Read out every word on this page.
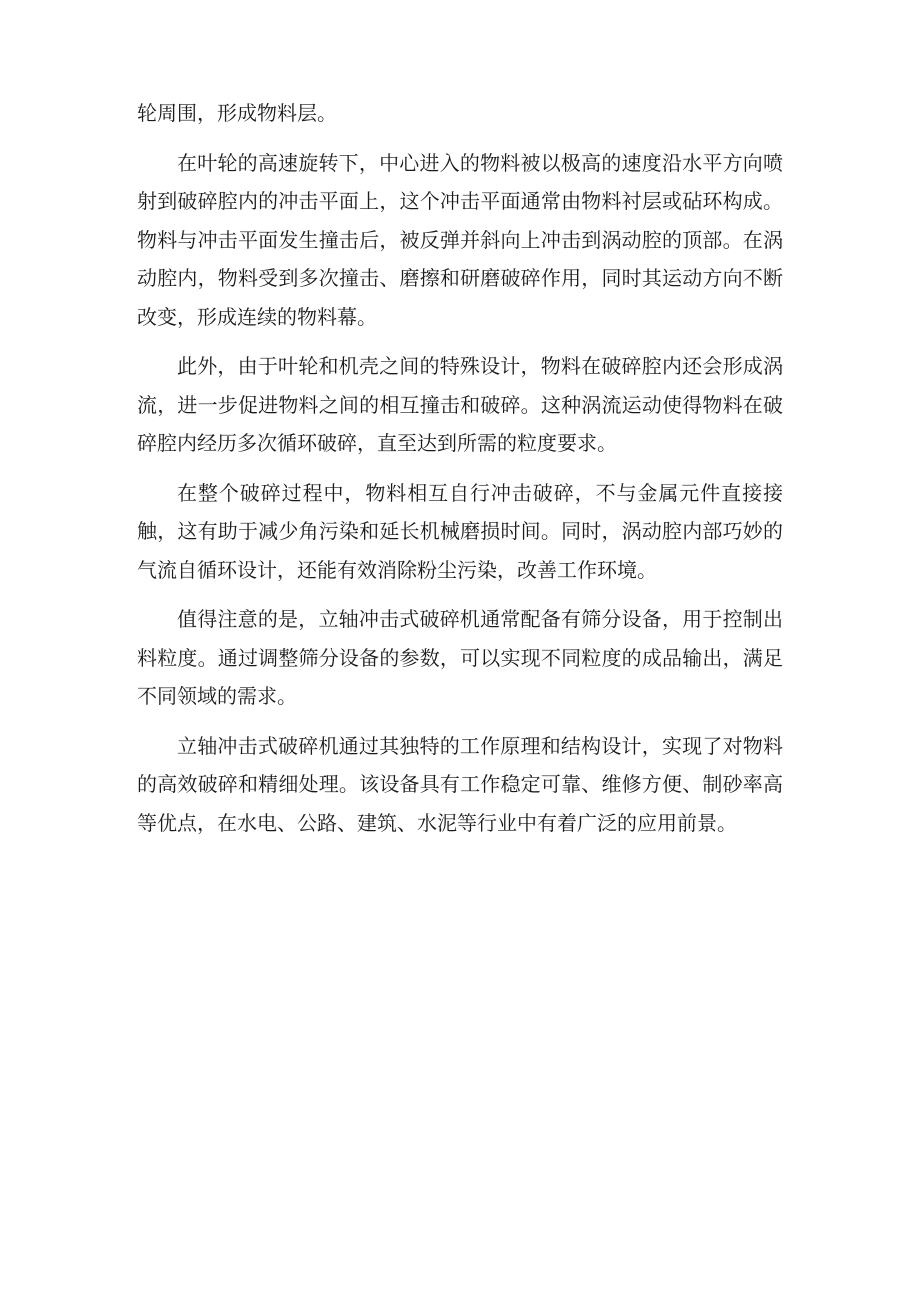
轮周围，形成物料层。

在叶轮的高速旋转下，中心进入的物料被以极高的速度沿水平方向喷射到破碎腔内的冲击平面上，这个冲击平面通常由物料衬层或砧环构成。物料与冲击平面发生撞击后，被反弹并斜向上冲击到涡动腔的顶部。在涡动腔内，物料受到多次撞击、磨擦和研磨破碎作用，同时其运动方向不断改变，形成连续的物料幕。

此外，由于叶轮和机壳之间的特殊设计，物料在破碎腔内还会形成涡流，进一步促进物料之间的相互撞击和破碎。这种涡流运动使得物料在破碎腔内经历多次循环破碎，直至达到所需的粒度要求。

在整个破碎过程中，物料相互自行冲击破碎，不与金属元件直接接触，这有助于减少角污染和延长机械磨损时间。同时，涡动腔内部巧妙的气流自循环设计，还能有效消除粉尘污染，改善工作环境。

值得注意的是，立轴冲击式破碎机通常配备有筛分设备，用于控制出料粒度。通过调整筛分设备的参数，可以实现不同粒度的成品输出，满足不同领域的需求。

立轴冲击式破碎机通过其独特的工作原理和结构设计，实现了对物料的高效破碎和精细处理。该设备具有工作稳定可靠、维修方便、制砂率高等优点，在水电、公路、建筑、水泥等行业中有着广泛的应用前景。
